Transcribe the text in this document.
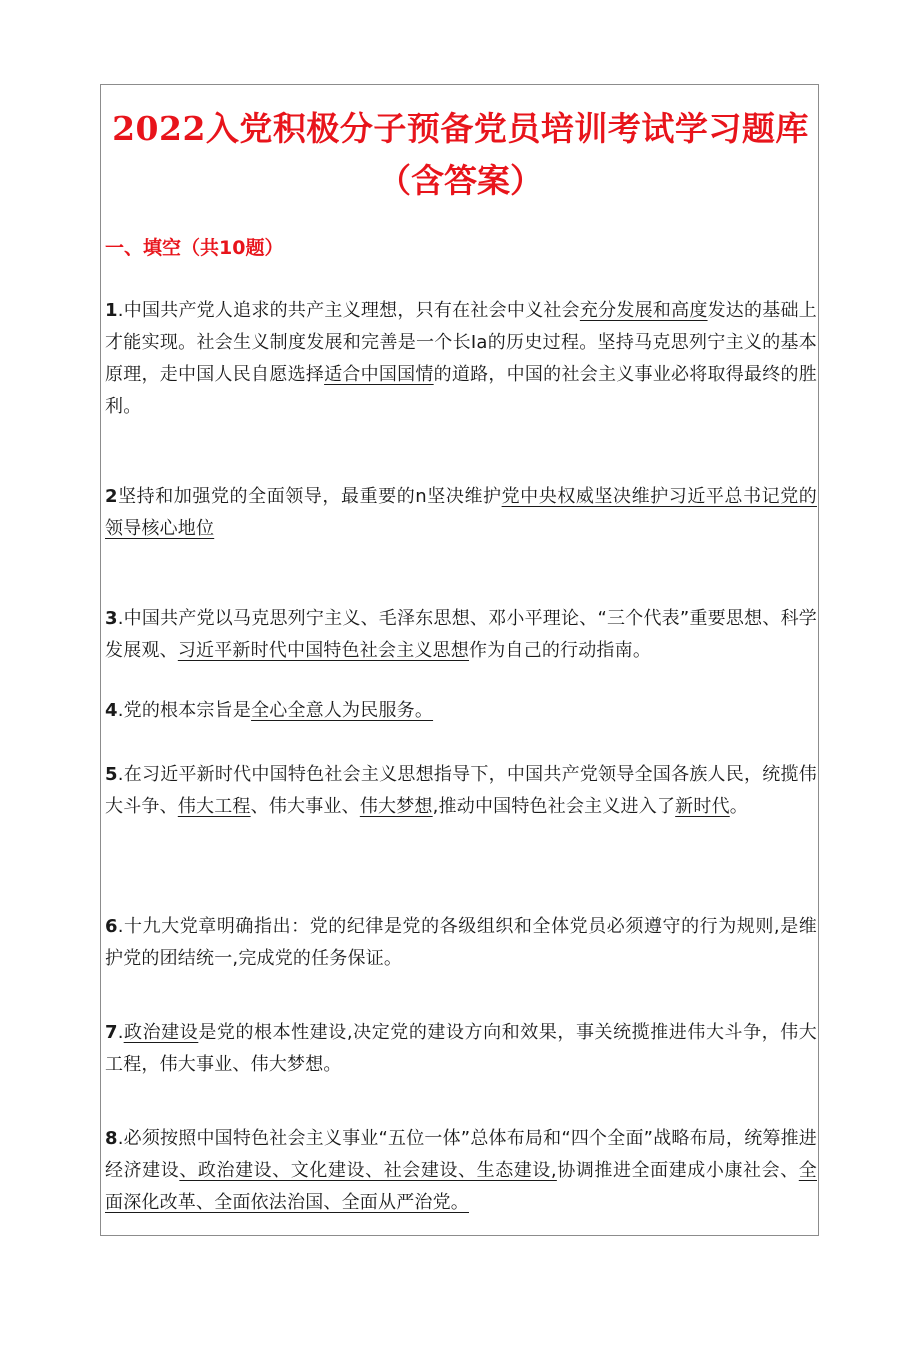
2022入党积极分子预备党员培训考试学习题库
（含答案）
一、填空（共10题）
1.中国共产党人追求的共产主义理想，只有在社会中义社会充分发展和高度发达的基础上才能实现。社会生义制度发展和完善是一个长Ia的历史过程。坚持马克思列宁主义的基本原理，走中国人民自愿选择适合中国国情的道路，中国的社会主义事业必将取得最终的胜利。
2坚持和加强党的全面领导，最重要的n坚决维护党中央权威坚决维护习近平总书记党的领导核心地位
3.中国共产党以马克思列宁主义、毛泽东思想、邓小平理论、“三个代表”重要思想、科学发展观、习近平新时代中国特色社会主义思想作为自己的行动指南。
4.党的根本宗旨是全心全意人为民服务。
5.在习近平新时代中国特色社会主义思想指导下，中国共产党领导全国各族人民，统揽伟大斗争、伟大工程、伟大事业、伟大梦想,推动中国特色社会主义进入了新时代。
6.十九大党章明确指出：党的纪律是党的各级组织和全体党员必须遵守的行为规则,是维护党的团结统一,完成党的任务保证。
7.政治建设是党的根本性建设,决定党的建设方向和效果，事关统揽推进伟大斗争，伟大工程，伟大事业、伟大梦想。
8.必须按照中国特色社会主义事业“五位一体”总体布局和“四个全面”战略布局，统筹推进经济建设、政治建设、文化建设、社会建设、生态建设,协调推进全面建成小康社会、全面深化改革、全面依法治国、全面从严治党。
